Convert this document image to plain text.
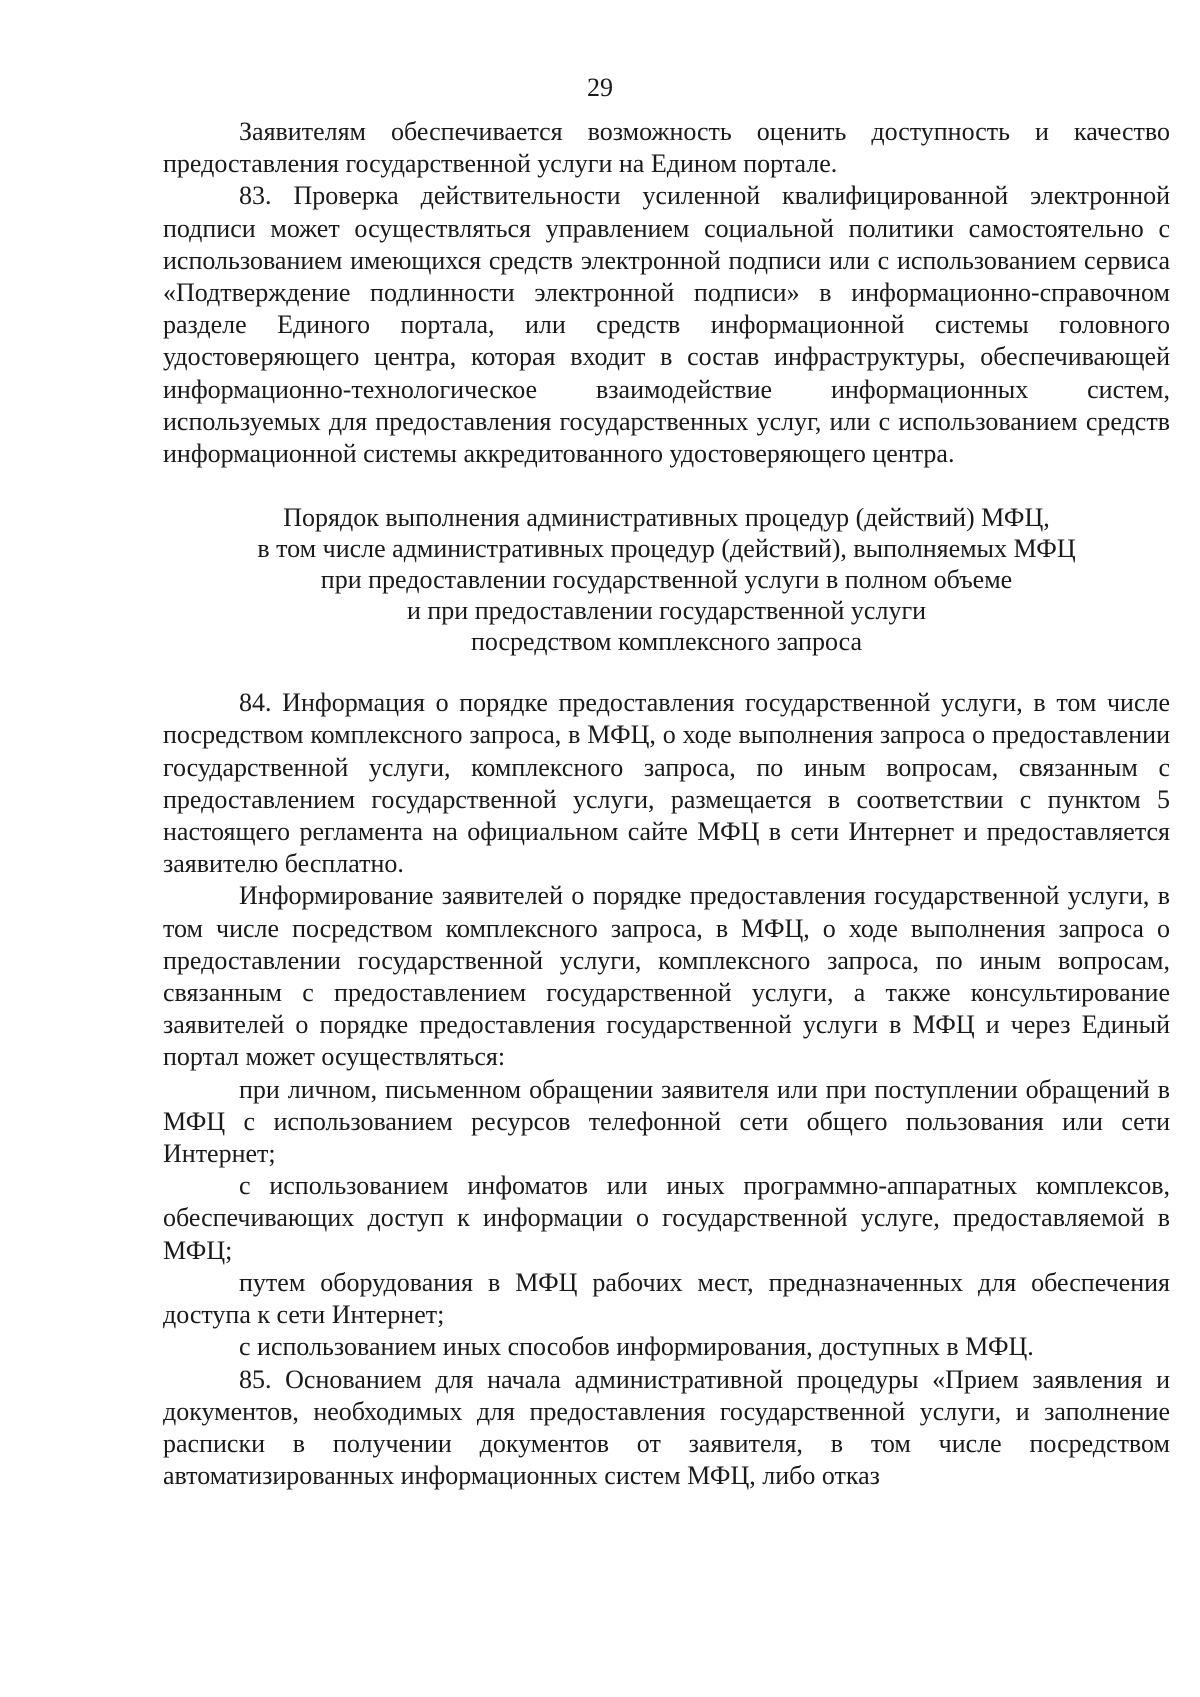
29

Заявителям обеспечивается возможность оценить доступность и качество предоставления государственной услуги на Едином портале.

83. Проверка действительности усиленной квалифицированной электронной подписи может осуществляться управлением социальной политики самостоятельно с использованием имеющихся средств электронной подписи или с использованием сервиса «Подтверждение подлинности электронной подписи» в информационно-справочном разделе Единого портала, или средств информационной системы головного удостоверяющего центра, которая входит в состав инфраструктуры, обеспечивающей информационно-технологическое взаимодействие информационных систем, используемых для предоставления государственных услуг, или с использованием средств информационной системы аккредитованного удостоверяющего центра.

Порядок выполнения административных процедур (действий) МФЦ,
в том числе административных процедур (действий), выполняемых МФЦ
при предоставлении государственной услуги в полном объеме
и при предоставлении государственной услуги
посредством комплексного запроса

84. Информация о порядке предоставления государственной услуги, в том числе посредством комплексного запроса, в МФЦ, о ходе выполнения запроса о предоставлении государственной услуги, комплексного запроса, по иным вопросам, связанным с предоставлением государственной услуги, размещается в соответствии с пунктом 5 настоящего регламента на официальном сайте МФЦ в сети Интернет и предоставляется заявителю бесплатно.

Информирование заявителей о порядке предоставления государственной услуги, в том числе посредством комплексного запроса, в МФЦ, о ходе выполнения запроса о предоставлении государственной услуги, комплексного запроса, по иным вопросам, связанным с предоставлением государственной услуги, а также консультирование заявителей о порядке предоставления государственной услуги в МФЦ и через Единый портал может осуществляться:

при личном, письменном обращении заявителя или при поступлении обращений в МФЦ с использованием ресурсов телефонной сети общего пользования или сети Интернет;

с использованием инфоматов или иных программно-аппаратных комплексов, обеспечивающих доступ к информации о государственной услуге, предоставляемой в МФЦ;

путем оборудования в МФЦ рабочих мест, предназначенных для обеспечения доступа к сети Интернет;

с использованием иных способов информирования, доступных в МФЦ.

85. Основанием для начала административной процедуры «Прием заявления и документов, необходимых для предоставления государственной услуги, и заполнение расписки в получении документов от заявителя, в том числе посредством автоматизированных информационных систем МФЦ, либо отказ
